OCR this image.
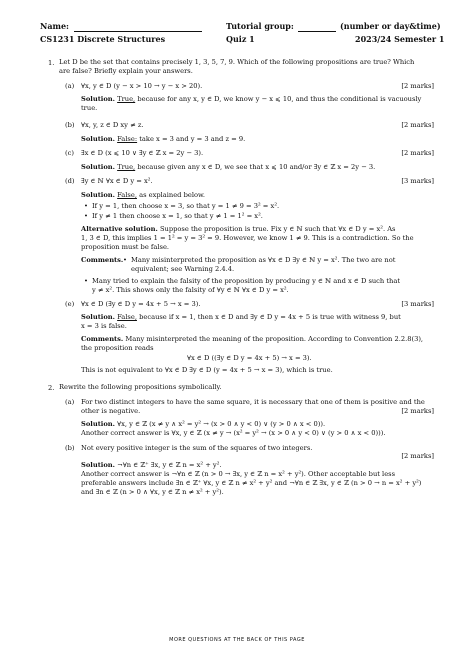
Name:	Tutorial group:	(number or day&time)
CS1231 Discrete Structures	Quiz 1	2023/24 Semester 1
1. Let D be the set that contains precisely 1, 3, 5, 7, 9. Which of the following propositions are true? Which
are false? Briefly explain your answers.
(a) ∀x, y ∈ D (y − x > 10 → y − x > 20).	[2 marks]
Solution. True, because for any x, y ∈ D, we know y − x ⩽ 10, and thus the conditional is vacuously
true.
(b) ∀x, y, z ∈ D xy ≠ z.	[2 marks]
Solution. False: take x = 3 and y = 3 and z = 9.
(c) ∃x ∈ D (x ⩽ 10 ∨ ∃y ∈ ℤ x = 2y − 3).	[2 marks]
Solution. True, because given any x ∈ D, we see that x ⩽ 10 and/or ∃y ∈ ℤ x = 2y − 3.
(d) ∃y ∈ ℕ ∀x ∈ D y = x².	[3 marks]
Solution. False, as explained below.
• If y = 1, then choose x = 3, so that y = 1 ≠ 9 = 3² = x².
• If y ≠ 1 then choose x = 1, so that y ≠ 1 = 1² = x².
Alternative solution. Suppose the proposition is true. Fix y ∈ ℕ such that ∀x ∈ D y = x². As
1, 3 ∈ D, this implies 1 = 1² = y = 3² = 9. However, we know 1 ≠ 9. This is a contradiction. So the
proposition must be false.
Comments. • Many misinterpreted the proposition as ∀x ∈ D ∃y ∈ ℕ y = x². The two are not
equivalent; see Warning 2.4.4.
• Many tried to explain the falsity of the proposition by producing y ∈ ℕ and x ∈ D such that
y ≠ x². This shows only the falsity of ∀y ∈ ℕ ∀x ∈ D y = x².
(e) ∀x ∈ D (∃y ∈ D y = 4x + 5 → x = 3).	[3 marks]
Solution. False, because if x = 1, then x ∈ D and ∃y ∈ D y = 4x + 5 is true with witness 9, but
x = 3 is false.
Comments. Many misinterpreted the meaning of the proposition. According to Convention 2.2.8(3),
the proposition reads
∀x ∈ D ((∃y ∈ D y = 4x + 5) → x = 3).
This is not equivalent to ∀x ∈ D ∃y ∈ D (y = 4x + 5 → x = 3), which is true.
2. Rewrite the following propositions symbolically.
(a) For two distinct integers to have the same square, it is necessary that one of them is positive and the
other is negative.	[2 marks]
Solution. ∀x, y ∈ ℤ (x ≠ y ∧ x² = y² → (x > 0 ∧ y < 0) ∨ (y > 0 ∧ x < 0)).
Another correct answer is ∀x, y ∈ ℤ (x ≠ y → (x² = y² → (x > 0 ∧ y < 0) ∨ (y > 0 ∧ x < 0))).
(b) Not every positive integer is the sum of the squares of two integers.
[2 marks]
Solution. ¬∀n ∈ ℤ⁺ ∃x, y ∈ ℤ n = x² + y².
Another correct answer is ¬∀n ∈ ℤ (n > 0 → ∃x, y ∈ ℤ n = x² + y²). Other acceptable but less
preferable answers include ∃n ∈ ℤ⁺ ∀x, y ∈ ℤ n ≠ x² + y² and ¬∀n ∈ ℤ ∃x, y ∈ ℤ (n > 0 → n = x² + y²)
and ∃n ∈ ℤ (n > 0 ∧ ∀x, y ∈ ℤ n ≠ x² + y²).
MORE QUESTIONS AT THE BACK OF THIS PAGE
